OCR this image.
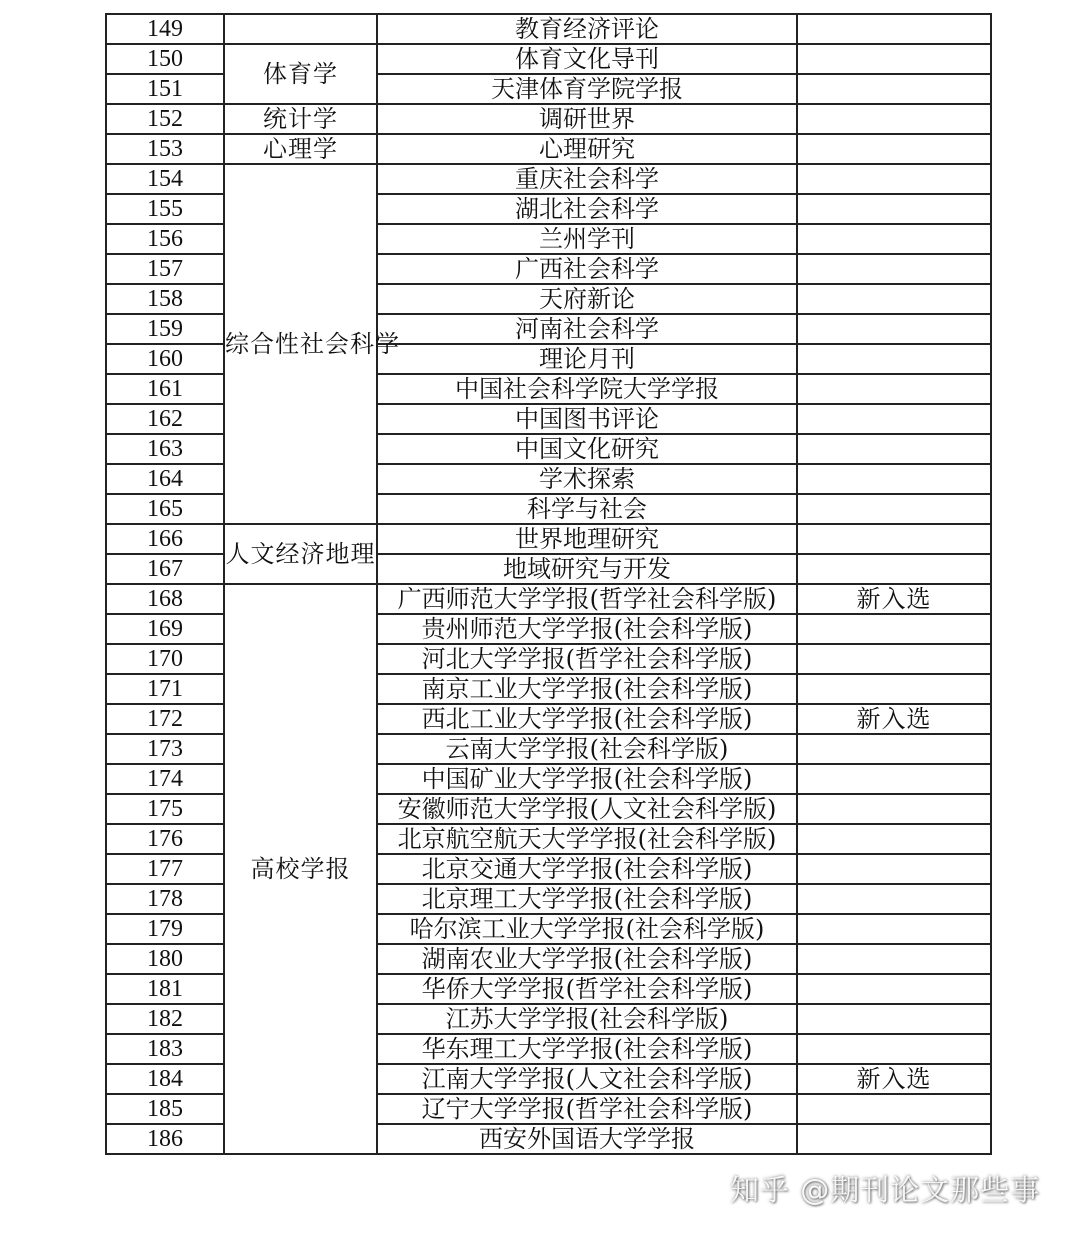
149		教育经济评论	
150	体育学	体育文化导刊	
151		天津体育学院学报	
152	统计学	调研世界	
153	心理学	心理研究	
154	综合性社会科学	重庆社会科学	
155		湖北社会科学	
156		兰州学刊	
157		广西社会科学	
158		天府新论	
159		河南社会科学	
160		理论月刊	
161		中国社会科学院大学学报	
162		中国图书评论	
163		中国文化研究	
164		学术探索	
165		科学与社会	
166	人文经济地理	世界地理研究	
167		地域研究与开发	
168	高校学报	广西师范大学学报(哲学社会科学版)	新入选
169		贵州师范大学学报(社会科学版)	
170		河北大学学报(哲学社会科学版)	
171		南京工业大学学报(社会科学版)	
172		西北工业大学学报(社会科学版)	新入选
173		云南大学学报(社会科学版)	
174		中国矿业大学学报(社会科学版)	
175		安徽师范大学学报(人文社会科学版)	
176		北京航空航天大学学报(社会科学版)	
177		北京交通大学学报(社会科学版)	
178		北京理工大学学报(社会科学版)	
179		哈尔滨工业大学学报(社会科学版)	
180		湖南农业大学学报(社会科学版)	
181		华侨大学学报(哲学社会科学版)	
182		江苏大学学报(社会科学版)	
183		华东理工大学学报(社会科学版)	
184		江南大学学报(人文社会科学版)	新入选
185		辽宁大学学报(哲学社会科学版)	
186		西安外国语大学学报	
知乎 @期刊论文那些事
